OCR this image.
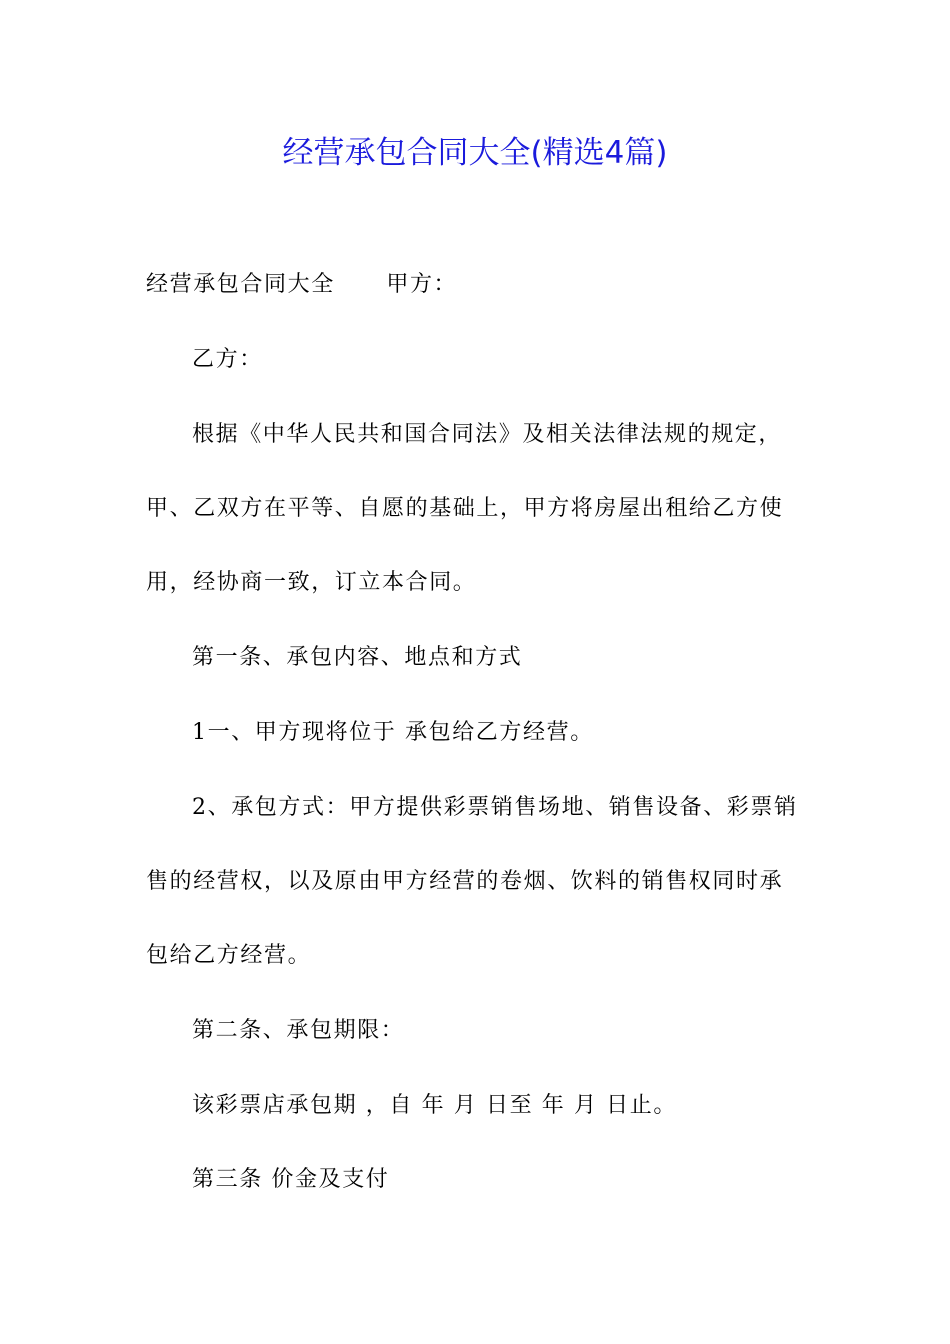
经营承包合同大全(精选4篇)
经营承包合同大全      甲方：
乙方：
根据《中华人民共和国合同法》及相关法律法规的规定，
甲、乙双方在平等、自愿的基础上，甲方将房屋出租给乙方使
用，经协商一致，订立本合同。
第一条、承包内容、地点和方式
1一、甲方现将位于 承包给乙方经营。
2、承包方式：甲方提供彩票销售场地、销售设备、彩票销
售的经营权，以及原由甲方经营的卷烟、饮料的销售权同时承
包给乙方经营。
第二条、承包期限：
该彩票店承包期 ，自 年 月 日至 年 月 日止。
第三条 价金及支付
